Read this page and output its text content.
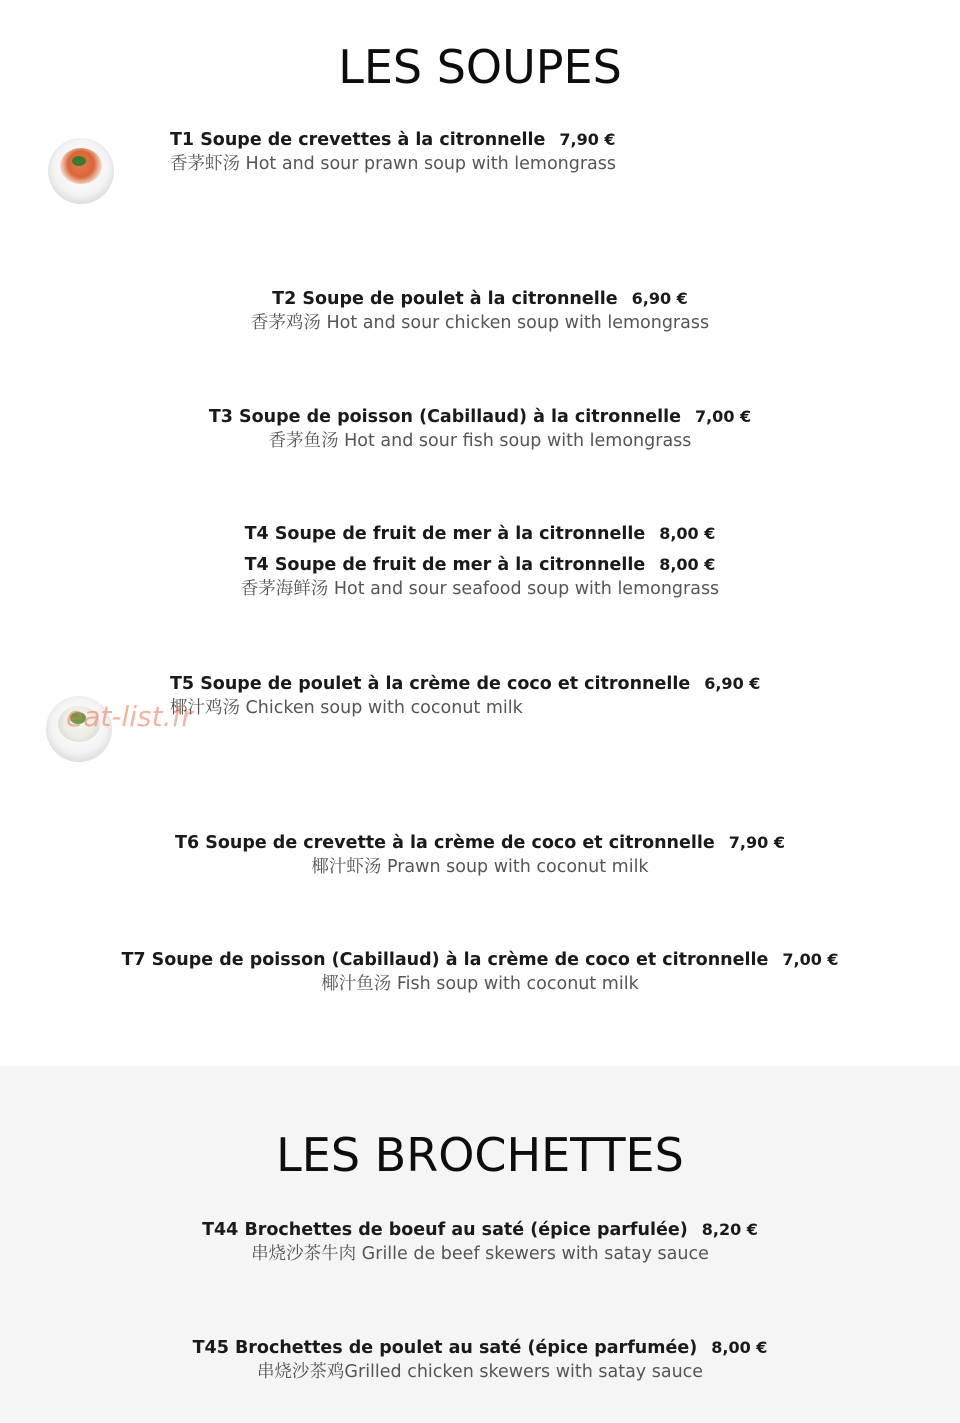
LES SOUPES
T1 Soupe de crevettes à la citronnelle 7,90 €
香茅虾汤 Hot and sour prawn soup with lemongrass
T2 Soupe de poulet à la citronnelle 6,90 €
香茅鸡汤 Hot and sour chicken soup with lemongrass
T3 Soupe de poisson (Cabillaud) à la citronnelle 7,00 €
香茅鱼汤 Hot and sour fish soup with lemongrass
T4 Soupe de fruit de mer à la citronnelle 8,00 €
T4 Soupe de fruit de mer à la citronnelle 8,00 €
香茅海鲜汤 Hot and sour seafood soup with lemongrass
T5 Soupe de poulet à la crème de coco et citronnelle 6,90 €
椰汁鸡汤 Chicken soup with coconut milk
eat-list.fr
T6 Soupe de crevette à la crème de coco et citronnelle 7,90 €
椰汁虾汤 Prawn soup with coconut milk
T7 Soupe de poisson (Cabillaud) à la crème de coco et citronnelle 7,00 €
椰汁鱼汤 Fish soup with coconut milk
LES BROCHETTES
T44 Brochettes de boeuf au saté (épice parfulée) 8,20 €
串烧沙茶牛肉 Grille de beef skewers with satay sauce
T45 Brochettes de poulet au saté (épice parfumée) 8,00 €
串烧沙茶鸡Grilled chicken skewers with satay sauce
